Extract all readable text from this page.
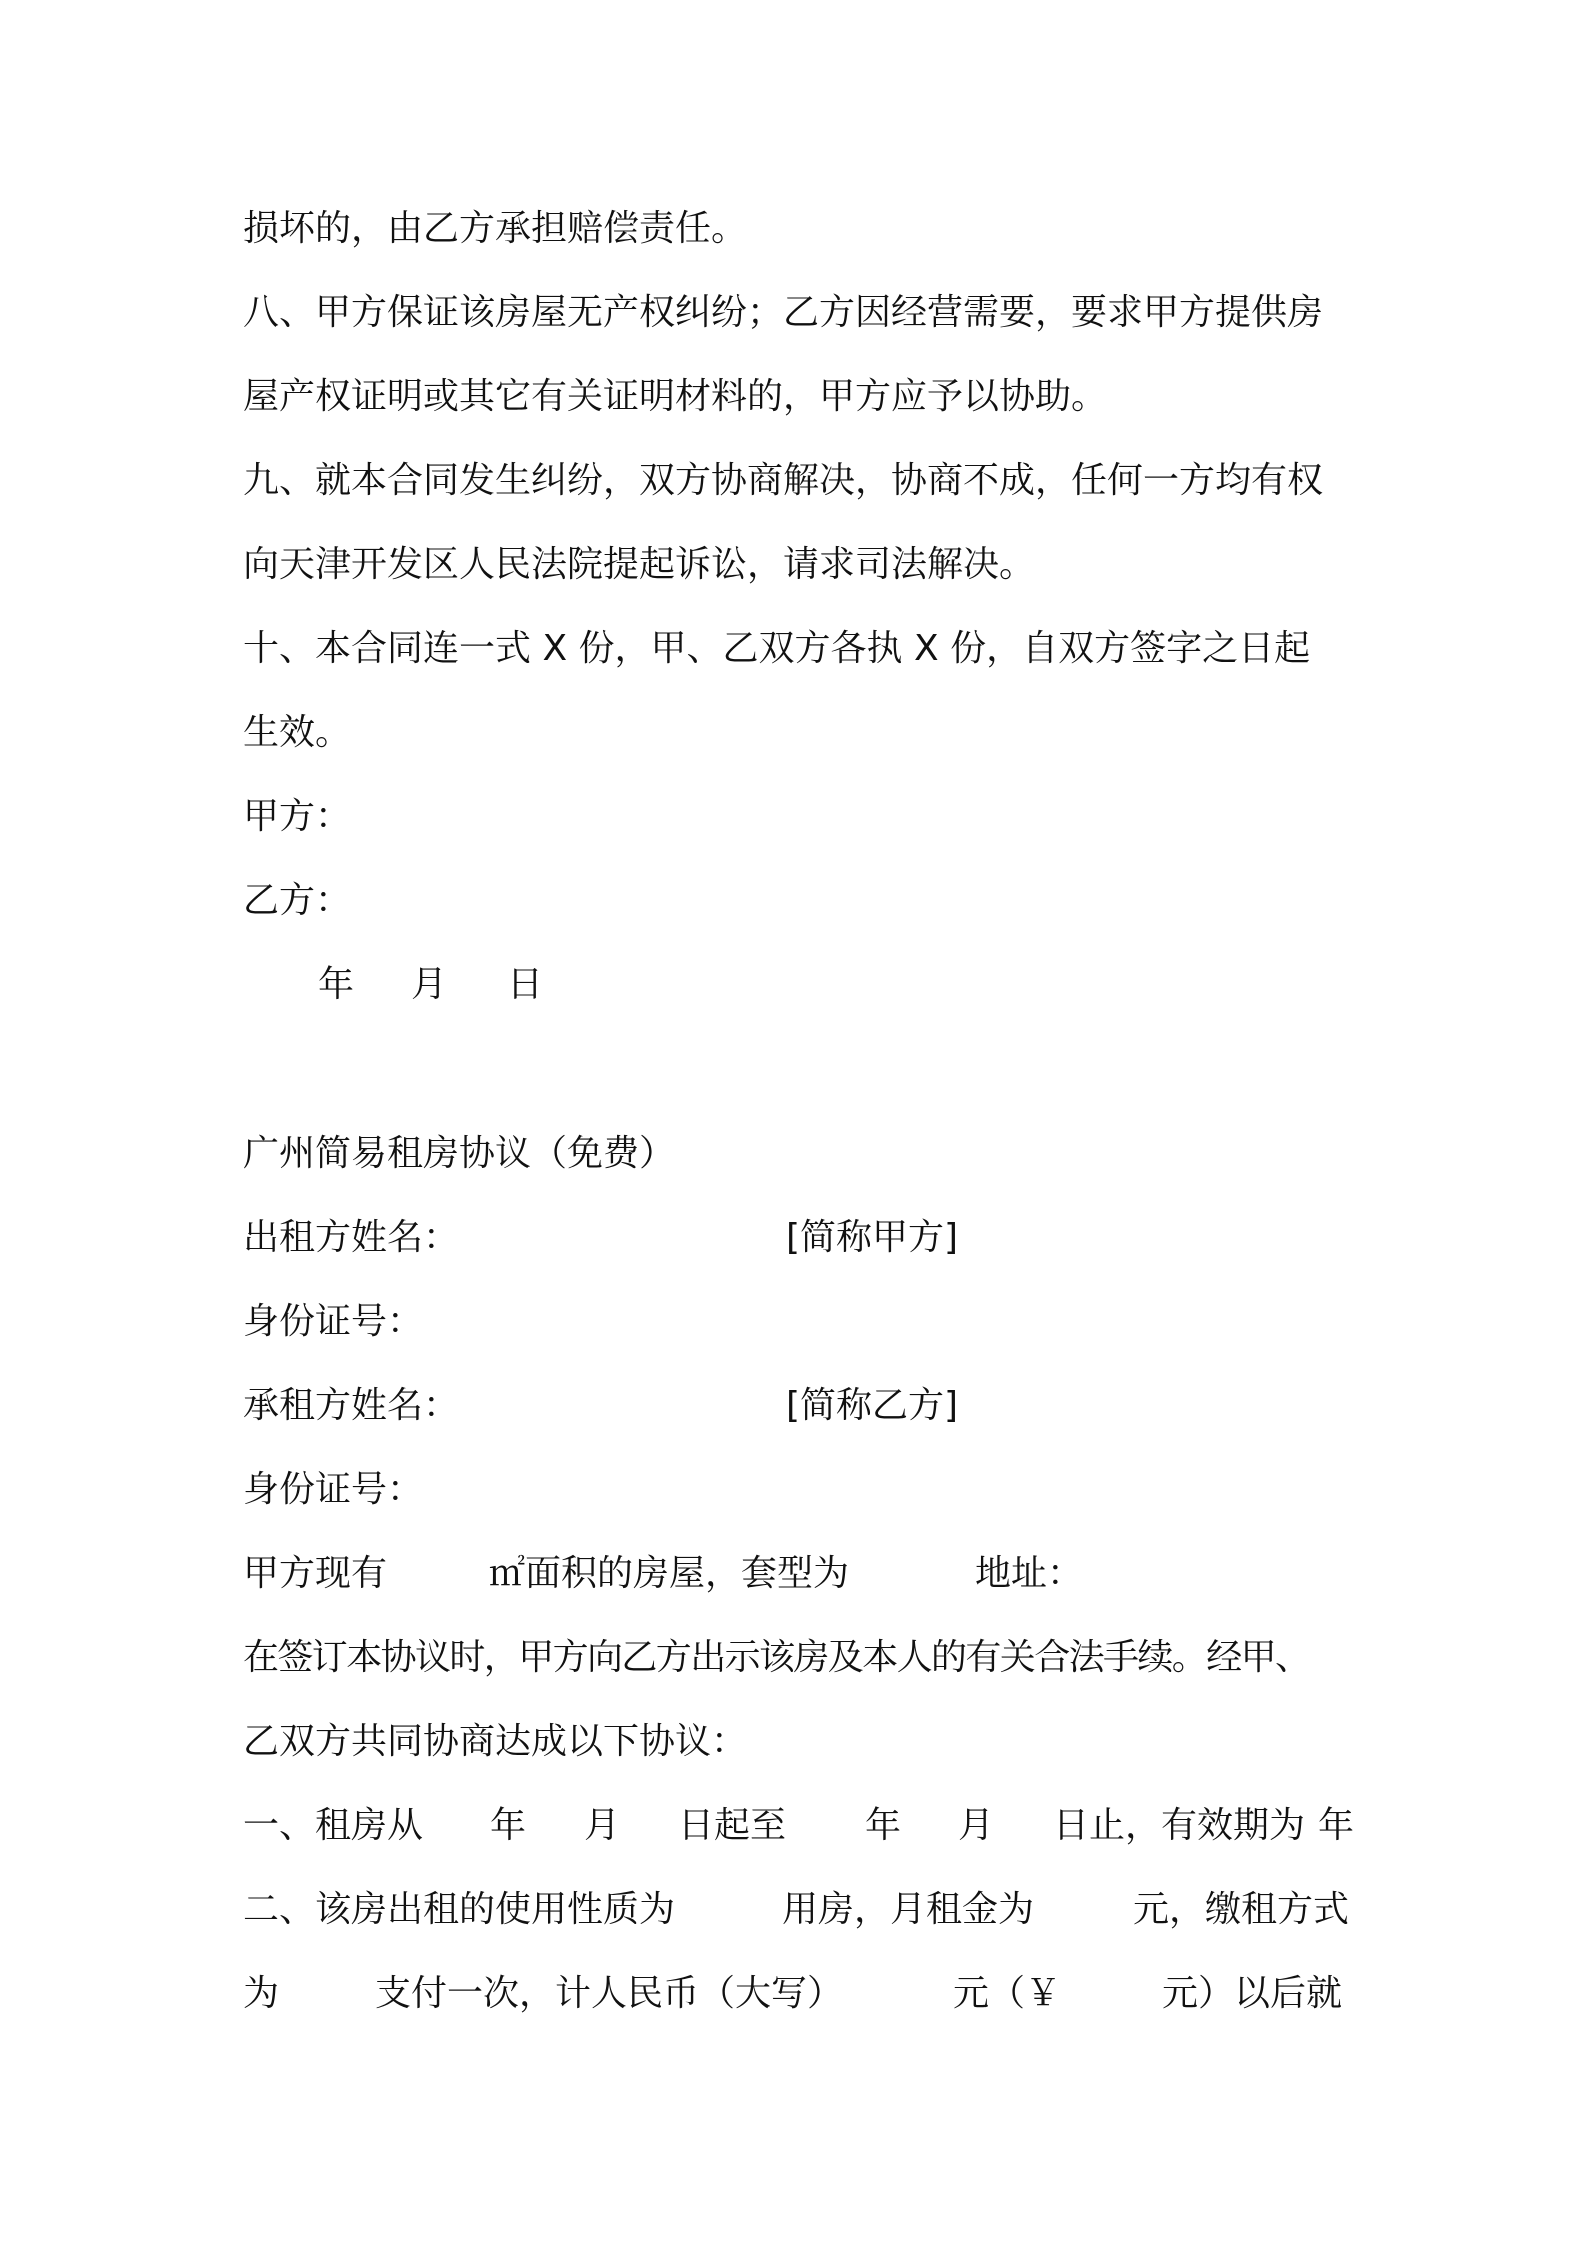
损坏的，由乙方承担赔偿责任。
八、甲方保证该房屋无产权纠纷；乙方因经营需要，要求甲方提供房
屋产权证明或其它有关证明材料的，甲方应予以协助。
九、就本合同发生纠纷，双方协商解决，协商不成，任何一方均有权
向天津开发区人民法院提起诉讼，请求司法解决。
十、本合同连一式 X 份，甲、乙双方各执 X 份，自双方签字之日起
生效。
甲方：
乙方：
年 月 日
广州简易租房协议（免费）
出租方姓名：	[简称甲方]
身份证号：
承租方姓名：	[简称乙方]
身份证号：
甲方现有	㎡面积的房屋，套型为	地址：
在签订本协议时，甲方向乙方出示该房及本人的有关合法手续。经甲、
乙双方共同协商达成以下协议：
一、租房从 年 月 日起至 年 月 日止，有效期为 年
二、该房出租的使用性质为	用房，月租金为	元，缴租方式
为	支付一次，计人民币（大写）	元（￥	元）以后就
